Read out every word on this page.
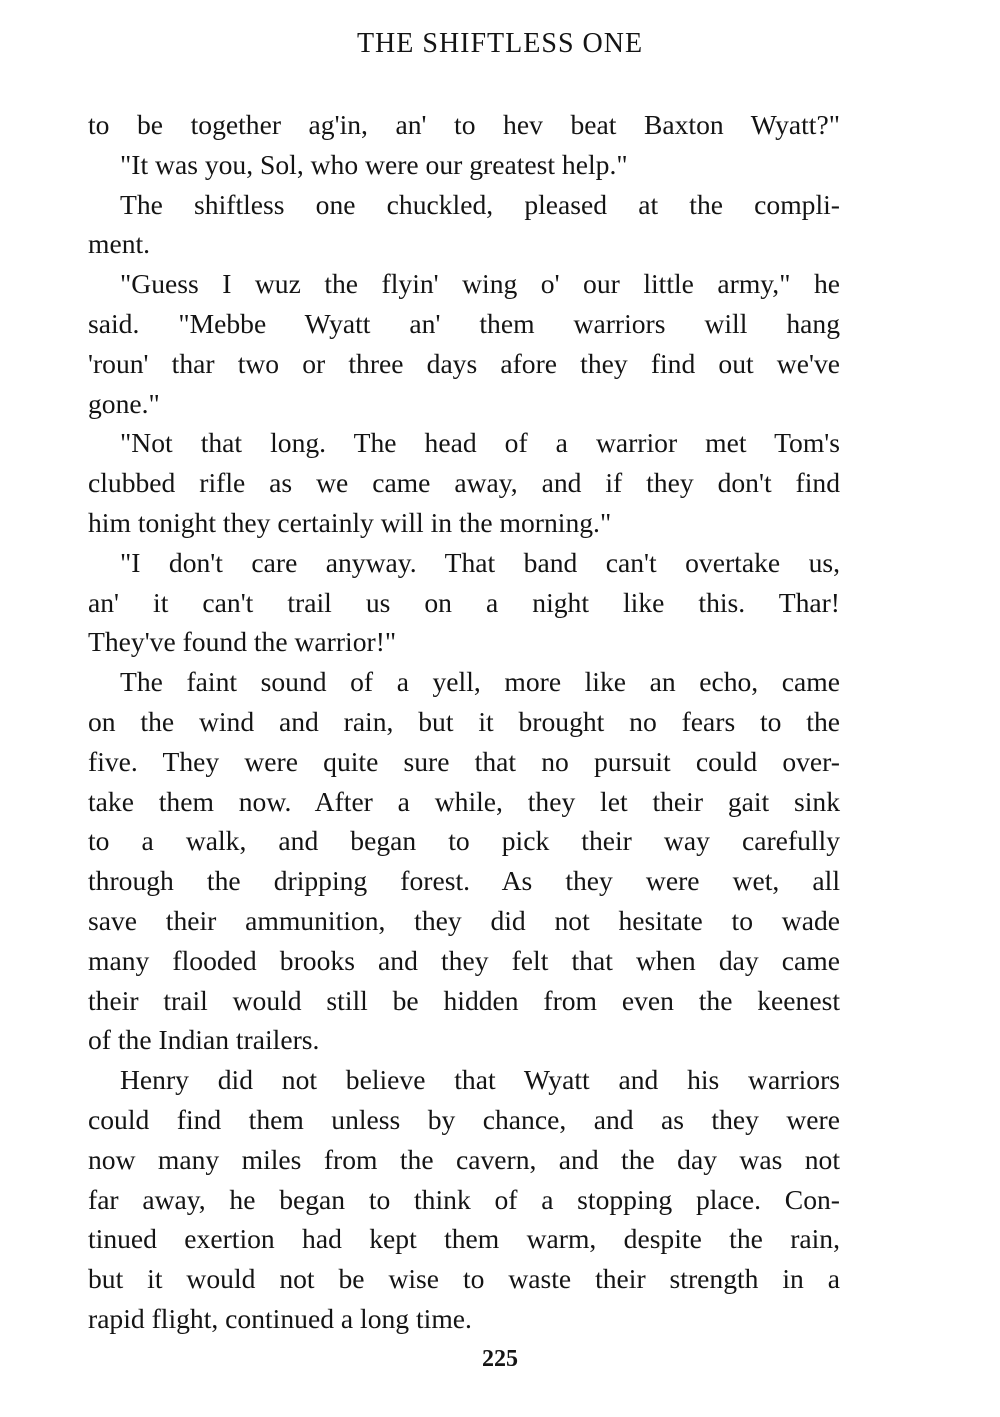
THE SHIFTLESS ONE
to be together ag'in, an' to hev beat Baxton Wyatt?"
"It was you, Sol, who were our greatest help."
The shiftless one chuckled, pleased at the compli-
ment.
"Guess I wuz the flyin' wing o' our little army," he
said. "Mebbe Wyatt an' them warriors will hang
'roun' thar two or three days afore they find out we've
gone."
"Not that long. The head of a warrior met Tom's
clubbed rifle as we came away, and if they don't find
him tonight they certainly will in the morning."
"I don't care anyway. That band can't overtake us,
an' it can't trail us on a night like this. Thar!
They've found the warrior!"
The faint sound of a yell, more like an echo, came
on the wind and rain, but it brought no fears to the
five. They were quite sure that no pursuit could over-
take them now. After a while, they let their gait sink
to a walk, and began to pick their way carefully
through the dripping forest. As they were wet, all
save their ammunition, they did not hesitate to wade
many flooded brooks and they felt that when day came
their trail would still be hidden from even the keenest
of the Indian trailers.
Henry did not believe that Wyatt and his warriors
could find them unless by chance, and as they were
now many miles from the cavern, and the day was not
far away, he began to think of a stopping place. Con-
tinued exertion had kept them warm, despite the rain,
but it would not be wise to waste their strength in a
rapid flight, continued a long time.
225
